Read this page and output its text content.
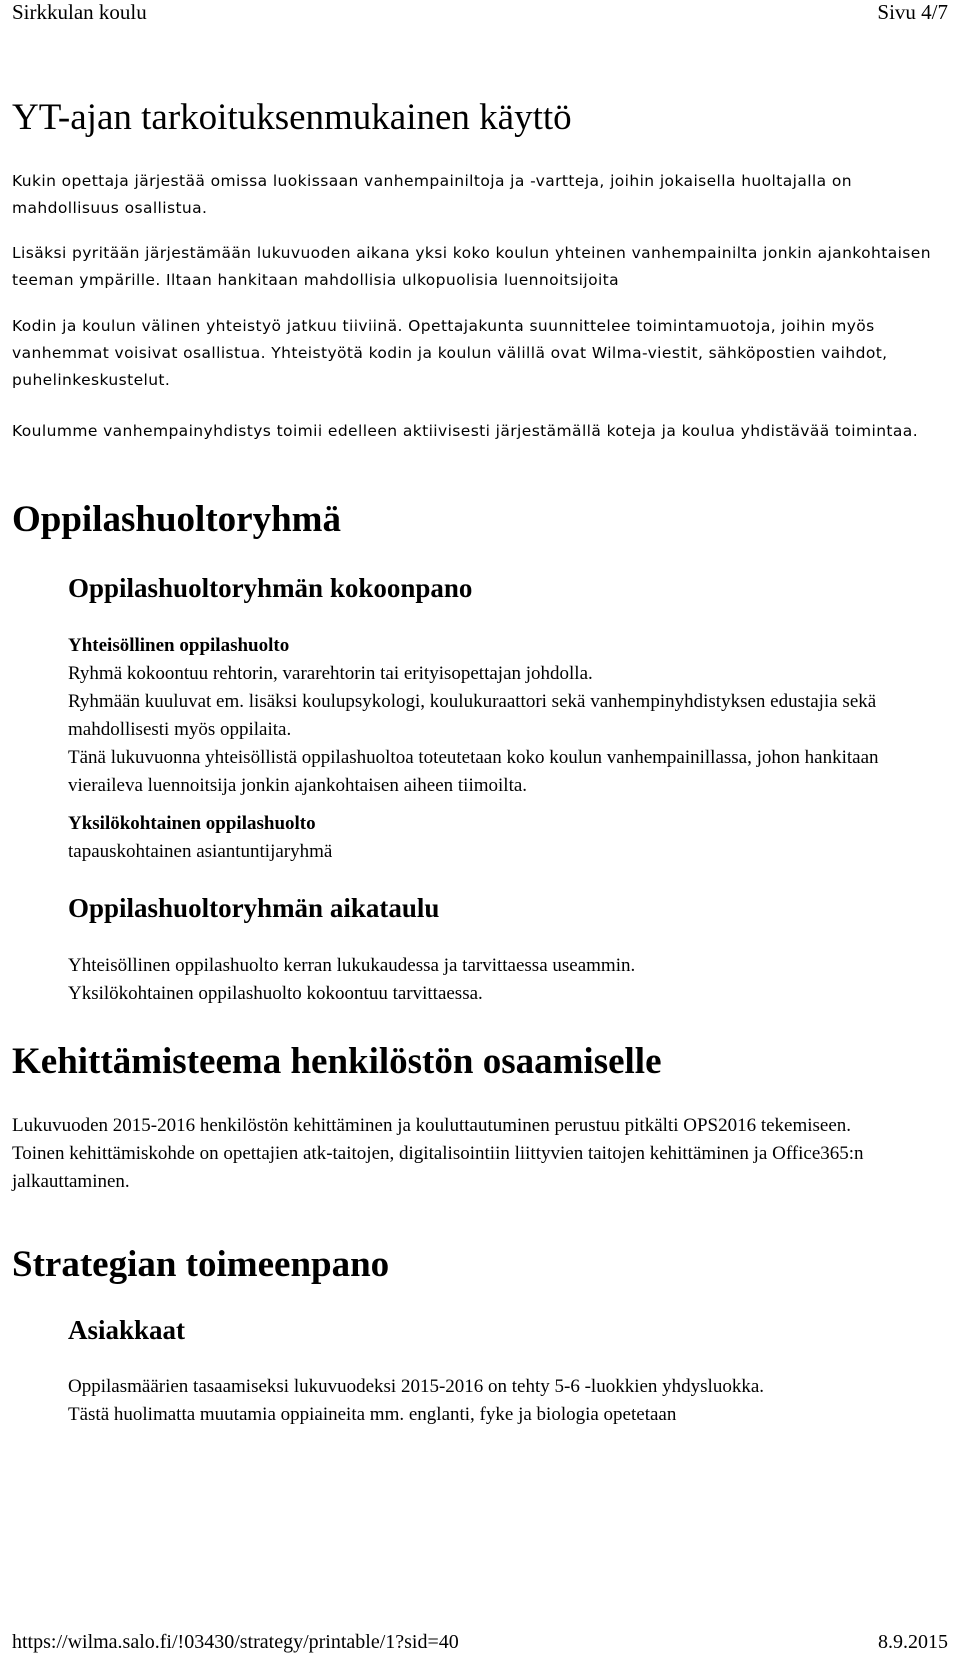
Sirkkulan koulu	Sivu 4/7
YT-ajan tarkoituksenmukainen käyttö

Kukin opettaja järjestää omissa luokissaan vanhempainiltoja ja -vartteja, joihin jokaisella huoltajalla on mahdollisuus osallistua.

Lisäksi pyritään järjestämään lukuvuoden aikana yksi koko koulun yhteinen vanhempainilta jonkin ajankohtaisen teeman ympärille. Iltaan hankitaan mahdollisia ulkopuolisia luennoitsijoita

Kodin ja koulun välinen yhteistyö jatkuu tiiviinä. Opettajakunta suunnittelee toimintamuotoja, joihin myös vanhemmat voisivat osallistua. Yhteistyötä kodin ja koulun välillä ovat Wilma-viestit, sähköpostien vaihdot, puhelinkeskustelut.

Koulumme vanhempainyhdistys toimii edelleen aktiivisesti järjestämällä koteja ja koulua yhdistävää toimintaa.

Oppilashuoltoryhmä
Oppilashuoltoryhmän kokoonpano
Yhteisöllinen oppilashuolto
Ryhmä kokoontuu rehtorin, vararehtorin tai erityisopettajan johdolla.
Ryhmään kuuluvat em. lisäksi koulupsykologi, koulukuraattori sekä vanhempinyhdistyksen edustajia sekä mahdollisesti myös oppilaita.
Tänä lukuvuonna yhteisöllistä oppilashuoltoa toteutetaan koko koulun vanhempainillassa, johon hankitaan vieraileva luennoitsija jonkin ajankohtaisen aiheen tiimoilta.
Yksilökohtainen oppilashuolto
tapauskohtainen asiantuntijaryhmä
Oppilashuoltoryhmän aikataulu
Yhteisöllinen oppilashuolto kerran lukukaudessa ja tarvittaessa useammin.
Yksilökohtainen oppilashuolto kokoontuu tarvittaessa.
Kehittämisteema henkilöstön osaamiselle
Lukuvuoden 2015-2016 henkilöstön kehittäminen ja kouluttautuminen perustuu pitkälti OPS2016 tekemiseen.
Toinen kehittämiskohde on opettajien atk-taitojen, digitalisointiin liittyvien taitojen kehittäminen ja Office365:n jalkauttaminen.
Strategian toimeenpano
Asiakkaat
Oppilasmäärien tasaamiseksi lukuvuodeksi 2015-2016 on tehty 5-6 -luokkien yhdysluokka.
Tästä huolimatta muutamia oppiaineita mm. englanti, fyke ja biologia opetetaan
https://wilma.salo.fi/!03430/strategy/printable/1?sid=40	8.9.2015
